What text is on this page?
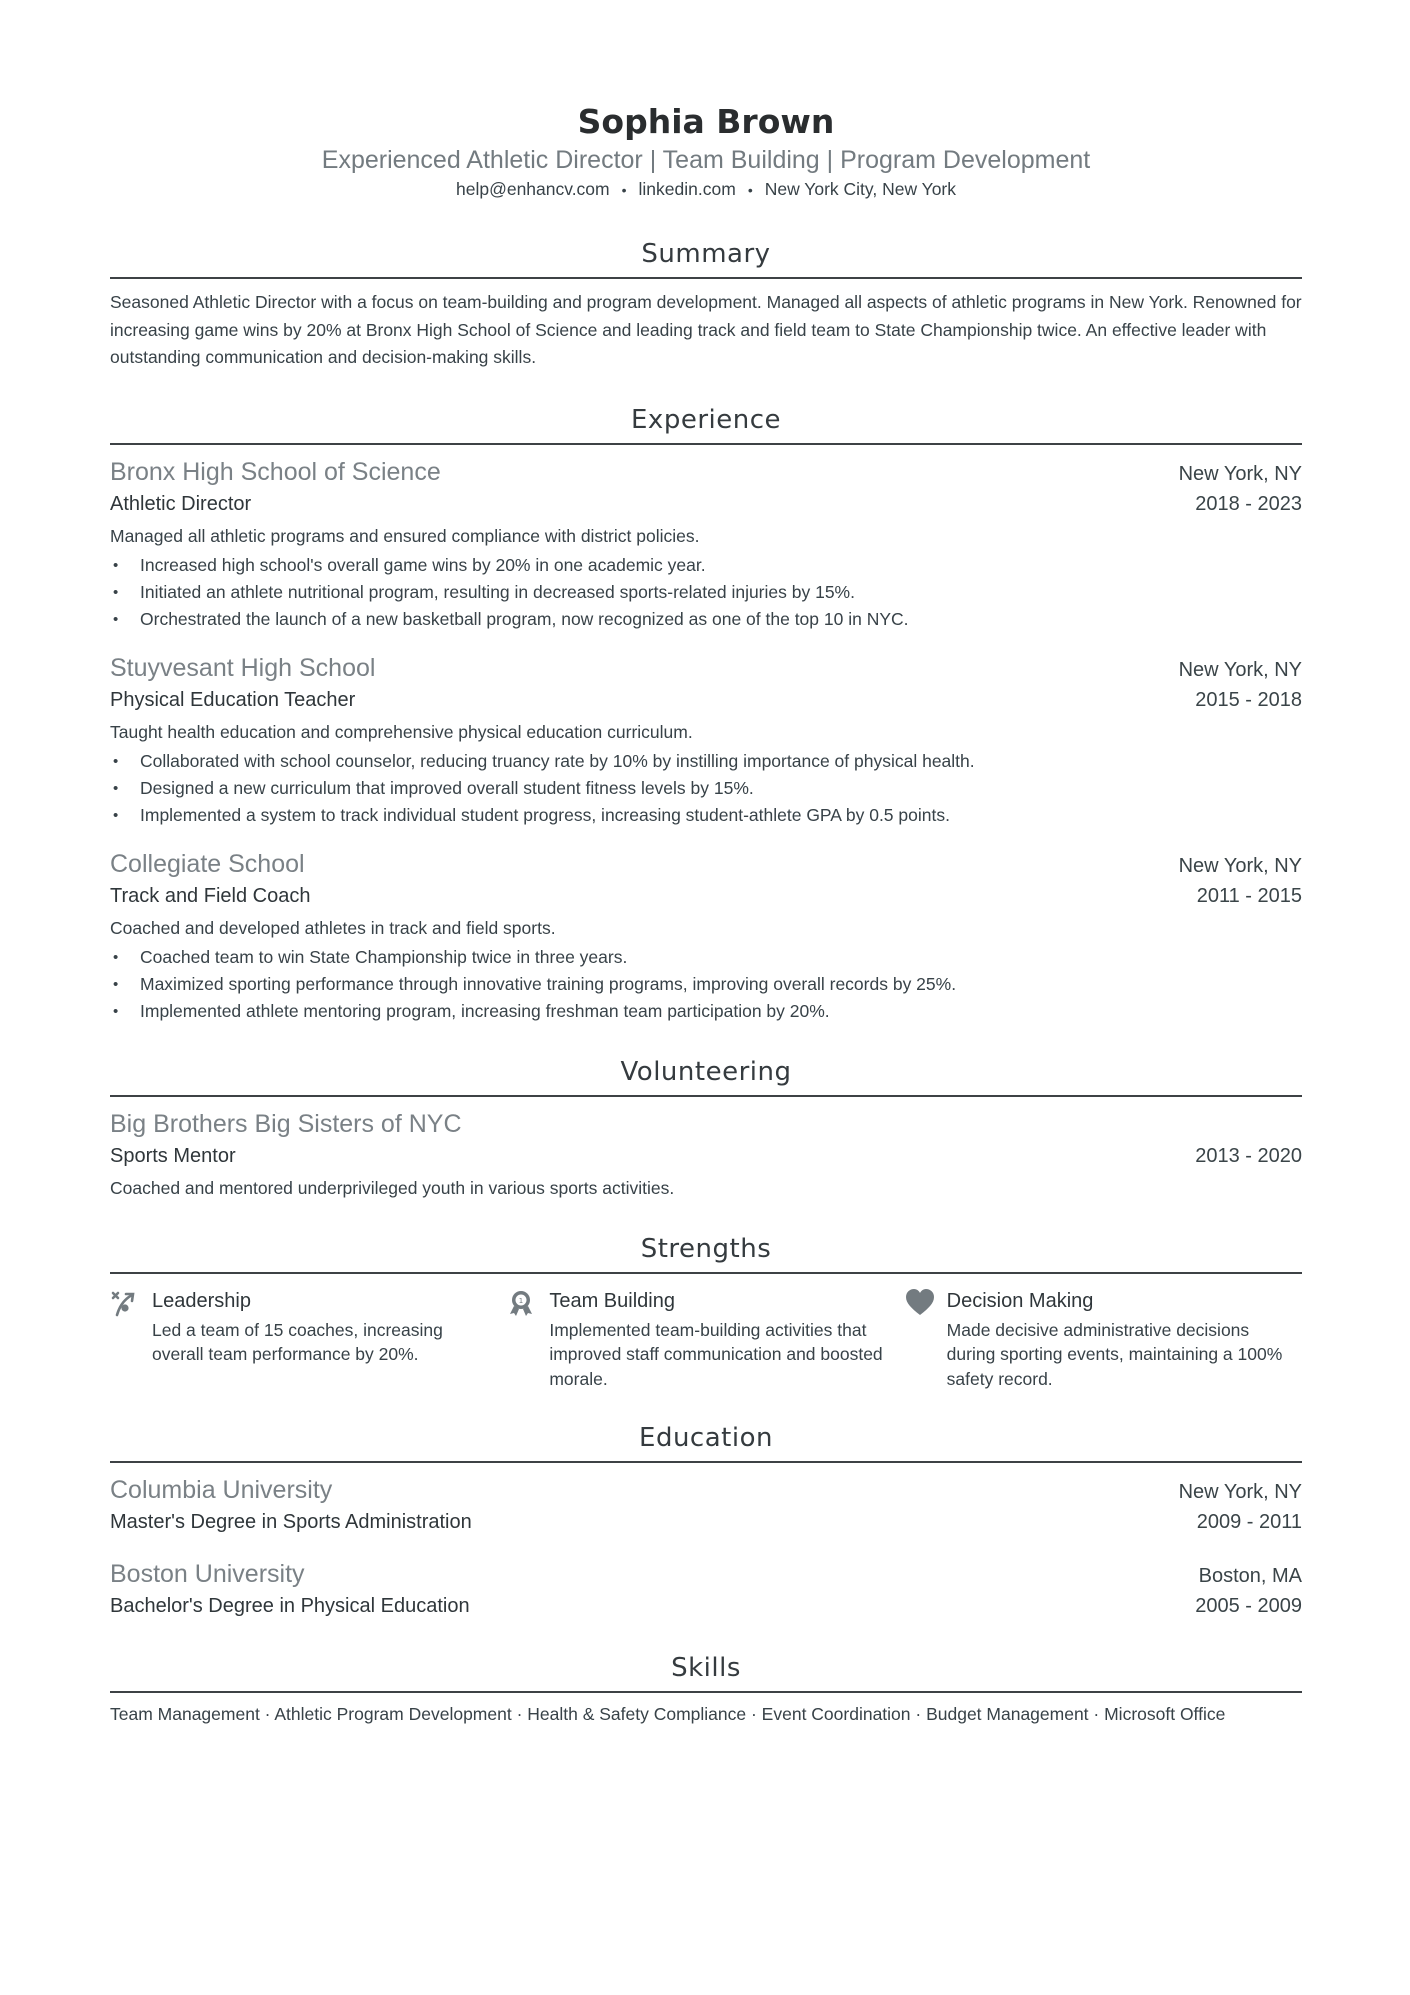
Sophia Brown
Experienced Athletic Director | Team Building | Program Development
help@enhancv.com • linkedin.com • New York City, New York
Summary
Seasoned Athletic Director with a focus on team-building and program development. Managed all aspects of athletic programs in New York. Renowned for increasing game wins by 20% at Bronx High School of Science and leading track and field team to State Championship twice. An effective leader with outstanding communication and decision-making skills.
Experience
Bronx High School of Science	New York, NY
Athletic Director	2018 - 2023
Managed all athletic programs and ensured compliance with district policies.
• Increased high school's overall game wins by 20% in one academic year.
• Initiated an athlete nutritional program, resulting in decreased sports-related injuries by 15%.
• Orchestrated the launch of a new basketball program, now recognized as one of the top 10 in NYC.
Stuyvesant High School	New York, NY
Physical Education Teacher	2015 - 2018
Taught health education and comprehensive physical education curriculum.
• Collaborated with school counselor, reducing truancy rate by 10% by instilling importance of physical health.
• Designed a new curriculum that improved overall student fitness levels by 15%.
• Implemented a system to track individual student progress, increasing student-athlete GPA by 0.5 points.
Collegiate School	New York, NY
Track and Field Coach	2011 - 2015
Coached and developed athletes in track and field sports.
• Coached team to win State Championship twice in three years.
• Maximized sporting performance through innovative training programs, improving overall records by 25%.
• Implemented athlete mentoring program, increasing freshman team participation by 20%.
Volunteering
Big Brothers Big Sisters of NYC
Sports Mentor	2013 - 2020
Coached and mentored underprivileged youth in various sports activities.
Strengths
Leadership
Led a team of 15 coaches, increasing overall team performance by 20%.
1 Team Building
Implemented team-building activities that improved staff communication and boosted morale.
Decision Making
Made decisive administrative decisions during sporting events, maintaining a 100% safety record.
Education
Columbia University	New York, NY
Master's Degree in Sports Administration	2009 - 2011
Boston University	Boston, MA
Bachelor's Degree in Physical Education	2005 - 2009
Skills
Team Management · Athletic Program Development · Health & Safety Compliance · Event Coordination · Budget Management · Microsoft Office
